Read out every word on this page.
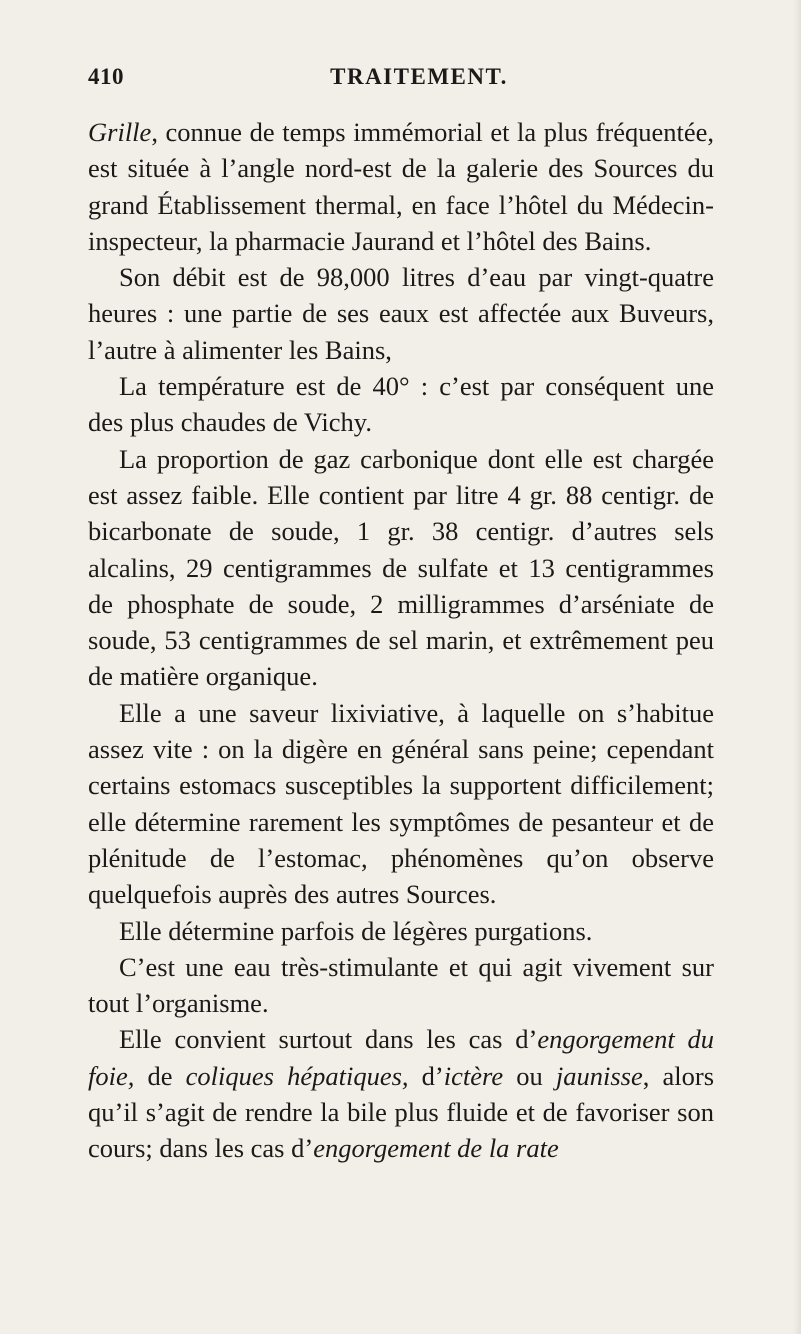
410	TRAITEMENT.

Grille, connue de temps immémorial et la plus fréquentée, est située à l’angle nord-est de la galerie des Sources du grand Établissement thermal, en face l’hôtel du Médecin-inspecteur, la pharmacie Jaurand et l’hôtel des Bains.

Son débit est de 98,000 litres d’eau par vingt-quatre heures : une partie de ses eaux est affectée aux Buveurs, l’autre à alimenter les Bains,

La température est de 40° : c’est par conséquent une des plus chaudes de Vichy.

La proportion de gaz carbonique dont elle est chargée est assez faible. Elle contient par litre 4 gr. 88 centigr. de bicarbonate de soude, 1 gr. 38 centigr. d’autres sels alcalins, 29 centigrammes de sulfate et 13 centigrammes de phosphate de soude, 2 milligrammes d’arséniate de soude, 53 centigrammes de sel marin, et extrêmement peu de matière organique.

Elle a une saveur lixiviative, à laquelle on s’habitue assez vite : on la digère en général sans peine; cependant certains estomacs susceptibles la supportent difficilement; elle détermine rarement les symptômes de pesanteur et de plénitude de l’estomac, phénomènes qu’on observe quelquefois auprès des autres Sources.

Elle détermine parfois de légères purgations.

C’est une eau très-stimulante et qui agit vivement sur tout l’organisme.

Elle convient surtout dans les cas d’engorgement du foie, de coliques hépatiques, d’ictère ou jaunisse, alors qu’il s’agit de rendre la bile plus fluide et de favoriser son cours; dans les cas d’engorgement de la rate
